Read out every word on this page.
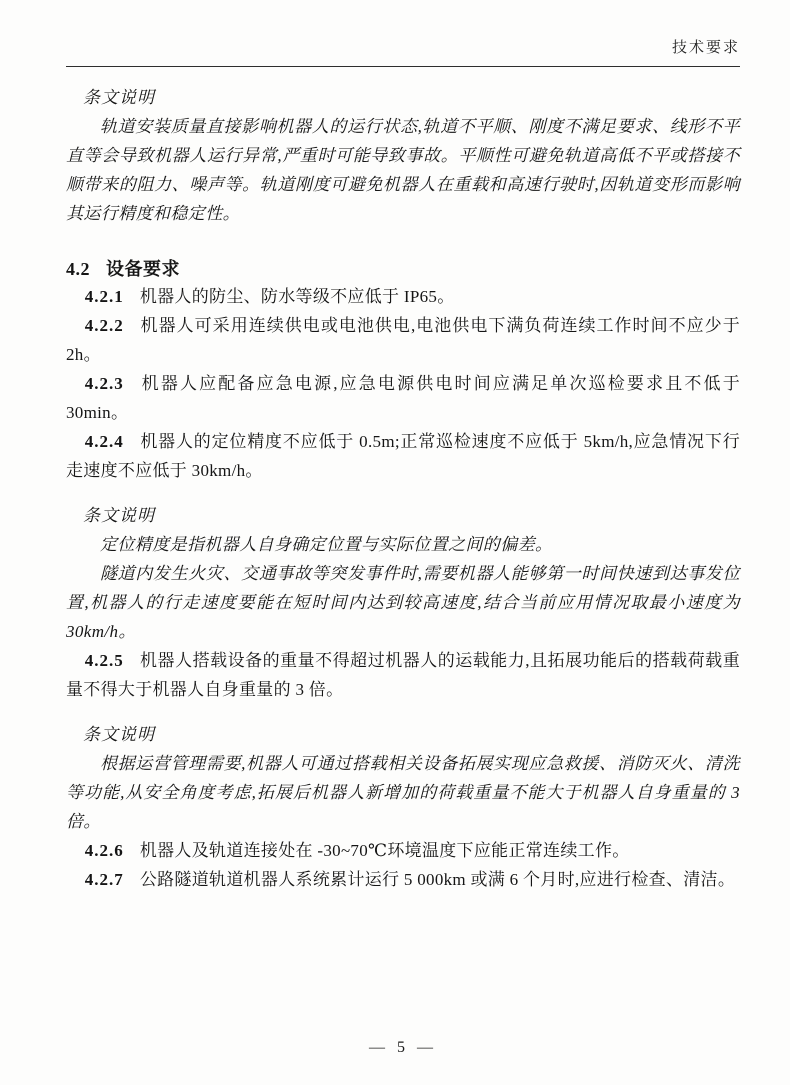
技术要求
条文说明

轨道安装质量直接影响机器人的运行状态,轨道不平顺、刚度不满足要求、线形不平直等会导致机器人运行异常,严重时可能导致事故。平顺性可避免轨道高低不平或搭接不顺带来的阻力、噪声等。轨道刚度可避免机器人在重载和高速行驶时,因轨道变形而影响其运行精度和稳定性。

4.2 设备要求

4.2.1 机器人的防尘、防水等级不应低于 IP65。

4.2.2 机器人可采用连续供电或电池供电,电池供电下满负荷连续工作时间不应少于 2h。

4.2.3 机器人应配备应急电源,应急电源供电时间应满足单次巡检要求且不低于 30min。

4.2.4 机器人的定位精度不应低于 0.5m;正常巡检速度不应低于 5km/h,应急情况下行走速度不应低于 30km/h。

条文说明

定位精度是指机器人自身确定位置与实际位置之间的偏差。

隧道内发生火灾、交通事故等突发事件时,需要机器人能够第一时间快速到达事发位置,机器人的行走速度要能在短时间内达到较高速度,结合当前应用情况取最小速度为 30km/h。

4.2.5 机器人搭载设备的重量不得超过机器人的运载能力,且拓展功能后的搭载荷载重量不得大于机器人自身重量的 3 倍。

条文说明

根据运营管理需要,机器人可通过搭载相关设备拓展实现应急救援、消防灭火、清洗等功能,从安全角度考虑,拓展后机器人新增加的荷载重量不能大于机器人自身重量的 3 倍。

4.2.6 机器人及轨道连接处在 -30~70℃环境温度下应能正常连续工作。

4.2.7 公路隧道轨道机器人系统累计运行 5 000km 或满 6 个月时,应进行检查、清洁。

— 5 —
